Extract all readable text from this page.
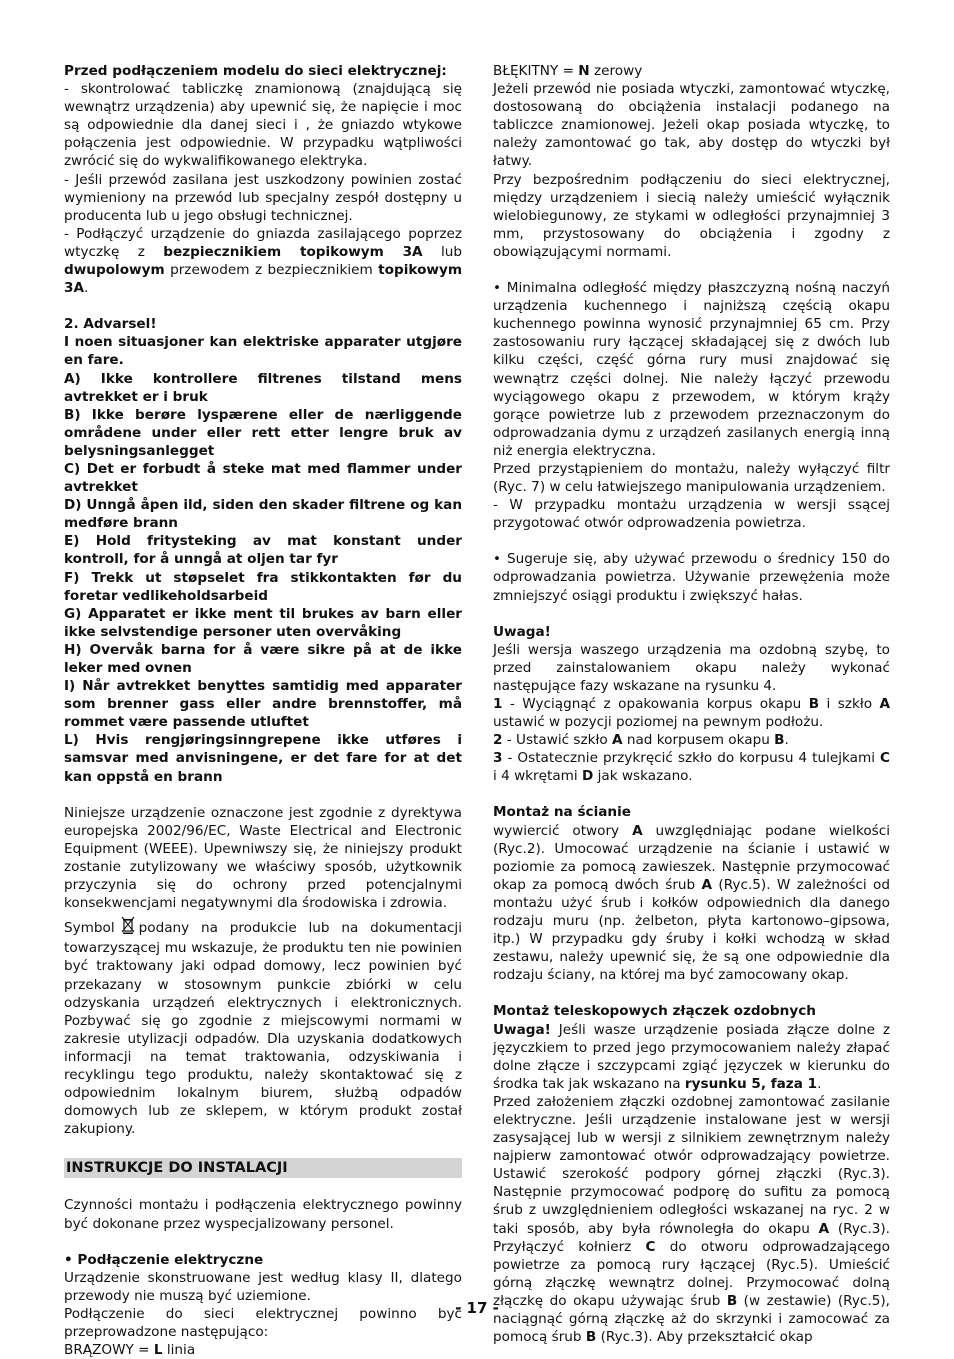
Przed podłączeniem modelu do sieci elektrycznej:

- skontrolować tabliczkę znamionową (znajdującą się wewnątrz urządzenia) aby upewnić się, że napięcie i moc są odpowiednie dla danej sieci i , że gniazdo wtykowe połączenia jest odpowiednie. W przypadku wątpliwości zwrócić się do wykwalifikowanego elektryka.

- Jeśli przewód zasilana jest uszkodzony powinien zostać wymieniony na przewód lub specjalny zespół dostępny u producenta lub u jego obsługi technicznej.

- Podłączyć urządzenie do gniazda zasilającego poprzez wtyczkę z bezpiecznikiem topikowym 3A lub dwupolowym przewodem z bezpiecznikiem topikowym 3A.

2. Advarsel!

I noen situasjoner kan elektriske apparater utgjøre en fare.

A) Ikke kontrollere filtrenes tilstand mens avtrekket er i bruk

B) Ikke berøre lyspærene eller de nærliggende områdene under eller rett etter lengre bruk av belysningsanlegget

C) Det er forbudt å steke mat med flammer under avtrekket

D) Unngå åpen ild, siden den skader filtrene og kan medføre brann

E) Hold fritysteking av mat konstant under kontroll, for å unngå at oljen tar fyr

F) Trekk ut støpselet fra stikkontakten før du foretar vedlikeholdsarbeid

G) Apparatet er ikke ment til brukes av barn eller ikke selvstendige personer uten overvåking

H) Overvåk barna for å være sikre på at de ikke leker med ovnen

I) Når avtrekket benyttes samtidig med apparater som brenner gass eller andre brennstoffer, må rommet være passende utluftet

L) Hvis rengjøringsinngrepene ikke utføres i samsvar med anvisningene, er det fare for at det kan oppstå en brann

Niniejsze urządzenie oznaczone jest zgodnie z dyrektywa europejska 2002/96/EC, Waste Electrical and Electronic Equipment (WEEE). Upewniwszy się, że niniejszy produkt zostanie zutylizowany we właściwy sposób, użytkownik przyczynia się do ochrony przed potencjalnymi konsekwencjami negatywnymi dla środowiska i zdrowia.

Symbol podany na produkcie lub na dokumentacji towarzyszącej mu wskazuje, że produktu ten nie powinien być traktowany jaki odpad domowy, lecz powinien być przekazany w stosownym punkcie zbiórki w celu odzyskania urządzeń elektrycznych i elektronicznych. Pozbywać się go zgodnie z miejscowymi normami w zakresie utylizacji odpadów. Dla uzyskania dodatkowych informacji na temat traktowania, odzyskiwania i recyklingu tego produktu, należy skontaktować się z odpowiednim lokalnym biurem, służbą odpadów domowych lub ze sklepem, w którym produkt został zakupiony.

INSTRUKCJE DO INSTALACJI

Czynności montażu i podłączenia elektrycznego powinny być dokonane przez wyspecjalizowany personel.

• Podłączenie elektryczne

Urządzenie skonstruowane jest według klasy II, dlatego przewody nie muszą być uziemione.

Podłączenie do sieci elektrycznej powinno być przeprowadzone następująco:

BRĄZOWY = L linia

BŁĘKITNY = N zerowy

Jeżeli przewód nie posiada wtyczki, zamontować wtyczkę, dostosowaną do obciążenia instalacji podanego na tabliczce znamionowej. Jeżeli okap posiada wtyczkę, to należy zamontować go tak, aby dostęp do wtyczki był łatwy.

Przy bezpośrednim podłączeniu do sieci elektrycznej, między urządzeniem i siecią należy umieścić wyłącznik wielobiegunowy, ze stykami w odległości przynajmniej 3 mm, przystosowany do obciążenia i zgodny z obowiązującymi normami.

• Minimalna odległość między płaszczyzną nośną naczyń urządzenia kuchennego i najniższą częścią okapu kuchennego powinna wynosić przynajmniej 65 cm. Przy zastosowaniu rury łączącej składającej się z dwóch lub kilku części, część górna rury musi znajdować się wewnątrz części dolnej. Nie należy łączyć przewodu wyciągowego okapu z przewodem, w którym krąży gorące powietrze lub z przewodem przeznaczonym do odprowadzania dymu z urządzeń zasilanych energią inną niż energia elektryczna.

Przed przystąpieniem do montażu, należy wyłączyć filtr (Ryc. 7) w celu łatwiejszego manipulowania urządzeniem.

- W przypadku montażu urządzenia w wersji ssącej przygotować otwór odprowadzenia powietrza.

• Sugeruje się, aby używać przewodu o średnicy 150 do odprowadzania powietrza. Używanie przewężenia może zmniejszyć osiągi produktu i zwiększyć hałas.

Uwaga!

Jeśli wersja waszego urządzenia ma ozdobną szybę, to przed zainstalowaniem okapu należy wykonać następujące fazy wskazane na rysunku 4.

1 - Wyciągnąć z opakowania korpus okapu B i szkło A ustawić w pozycji poziomej na pewnym podłożu.

2 - Ustawić szkło A nad korpusem okapu B.

3 - Ostatecznie przykręcić szkło do korpusu 4 tulejkami C i 4 wkrętami D jak wskazano.

Montaż na ścianie

wywiercić otwory A uwzględniając podane wielkości (Ryc.2). Umocować urządzenie na ścianie i ustawić w poziomie za pomocą zawieszek. Następnie przymocować okap za pomocą dwóch śrub A (Ryc.5). W zależności od montażu użyć śrub i kołków odpowiednich dla danego rodzaju muru (np. żelbeton, płyta kartonowo–gipsowa, itp.) W przypadku gdy śruby i kołki wchodzą w skład zestawu, należy upewnić się, że są one odpowiednie dla rodzaju ściany, na której ma być zamocowany okap.

Montaż teleskopowych złączek ozdobnych

Uwaga! Jeśli wasze urządzenie posiada złącze dolne z języczkiem to przed jego przymocowaniem należy złapać dolne złącze i szczypcami zgiąć języczek w kierunku do środka tak jak wskazano na rysunku 5, faza 1.

Przed założeniem złączki ozdobnej zamontować zasilanie elektryczne. Jeśli urządzenie instalowane jest w wersji zasysającej lub w wersji z silnikiem zewnętrznym należy najpierw zamontować otwór odprowadzający powietrze. Ustawić szerokość podpory górnej złączki (Ryc.3). Następnie przymocować podporę do sufitu za pomocą śrub z uwzględnieniem odległości wskazanej na ryc. 2 w taki sposób, aby była równoległa do okapu A (Ryc.3). Przyłączyć kołnierz C do otworu odprowadzającego powietrze za pomocą rury łączącej (Ryc.5). Umieścić górną złączkę wewnątrz dolnej. Przymocować dolną złączkę do okapu używając śrub B (w zestawie) (Ryc.5), naciągnąć górną złączkę aż do skrzynki i zamocować za pomocą śrub B (Ryc.3). Aby przekształcić okap

- 17 -
